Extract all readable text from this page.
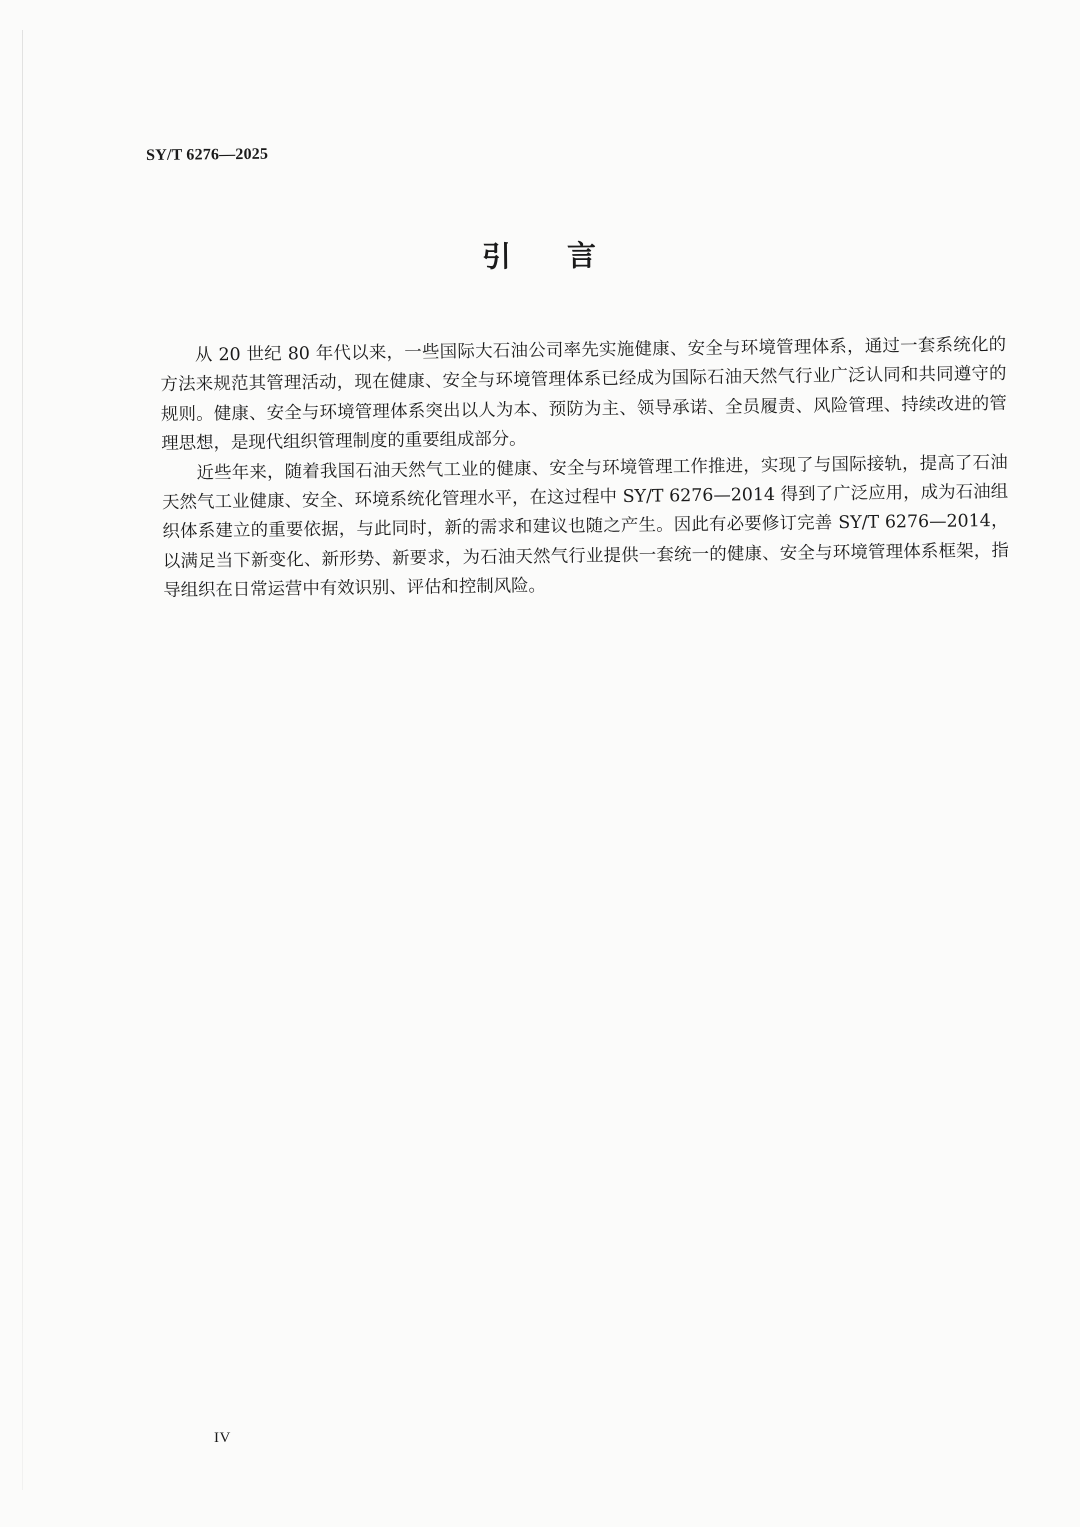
SY/T 6276—2025
引 言

从 20 世纪 80 年代以来，一些国际大石油公司率先实施健康、安全与环境管理体系，通过一套系统化的方法来规范其管理活动，现在健康、安全与环境管理体系已经成为国际石油天然气行业广泛认同和共同遵守的规则。健康、安全与环境管理体系突出以人为本、预防为主、领导承诺、全员履责、风险管理、持续改进的管理思想，是现代组织管理制度的重要组成部分。

近些年来，随着我国石油天然气工业的健康、安全与环境管理工作推进，实现了与国际接轨，提高了石油天然气工业健康、安全、环境系统化管理水平，在这过程中 SY/T 6276—2014 得到了广泛应用，成为石油组织体系建立的重要依据，与此同时，新的需求和建议也随之产生。因此有必要修订完善 SY/T 6276—2014，以满足当下新变化、新形势、新要求，为石油天然气行业提供一套统一的健康、安全与环境管理体系框架，指导组织在日常运营中有效识别、评估和控制风险。

IV
